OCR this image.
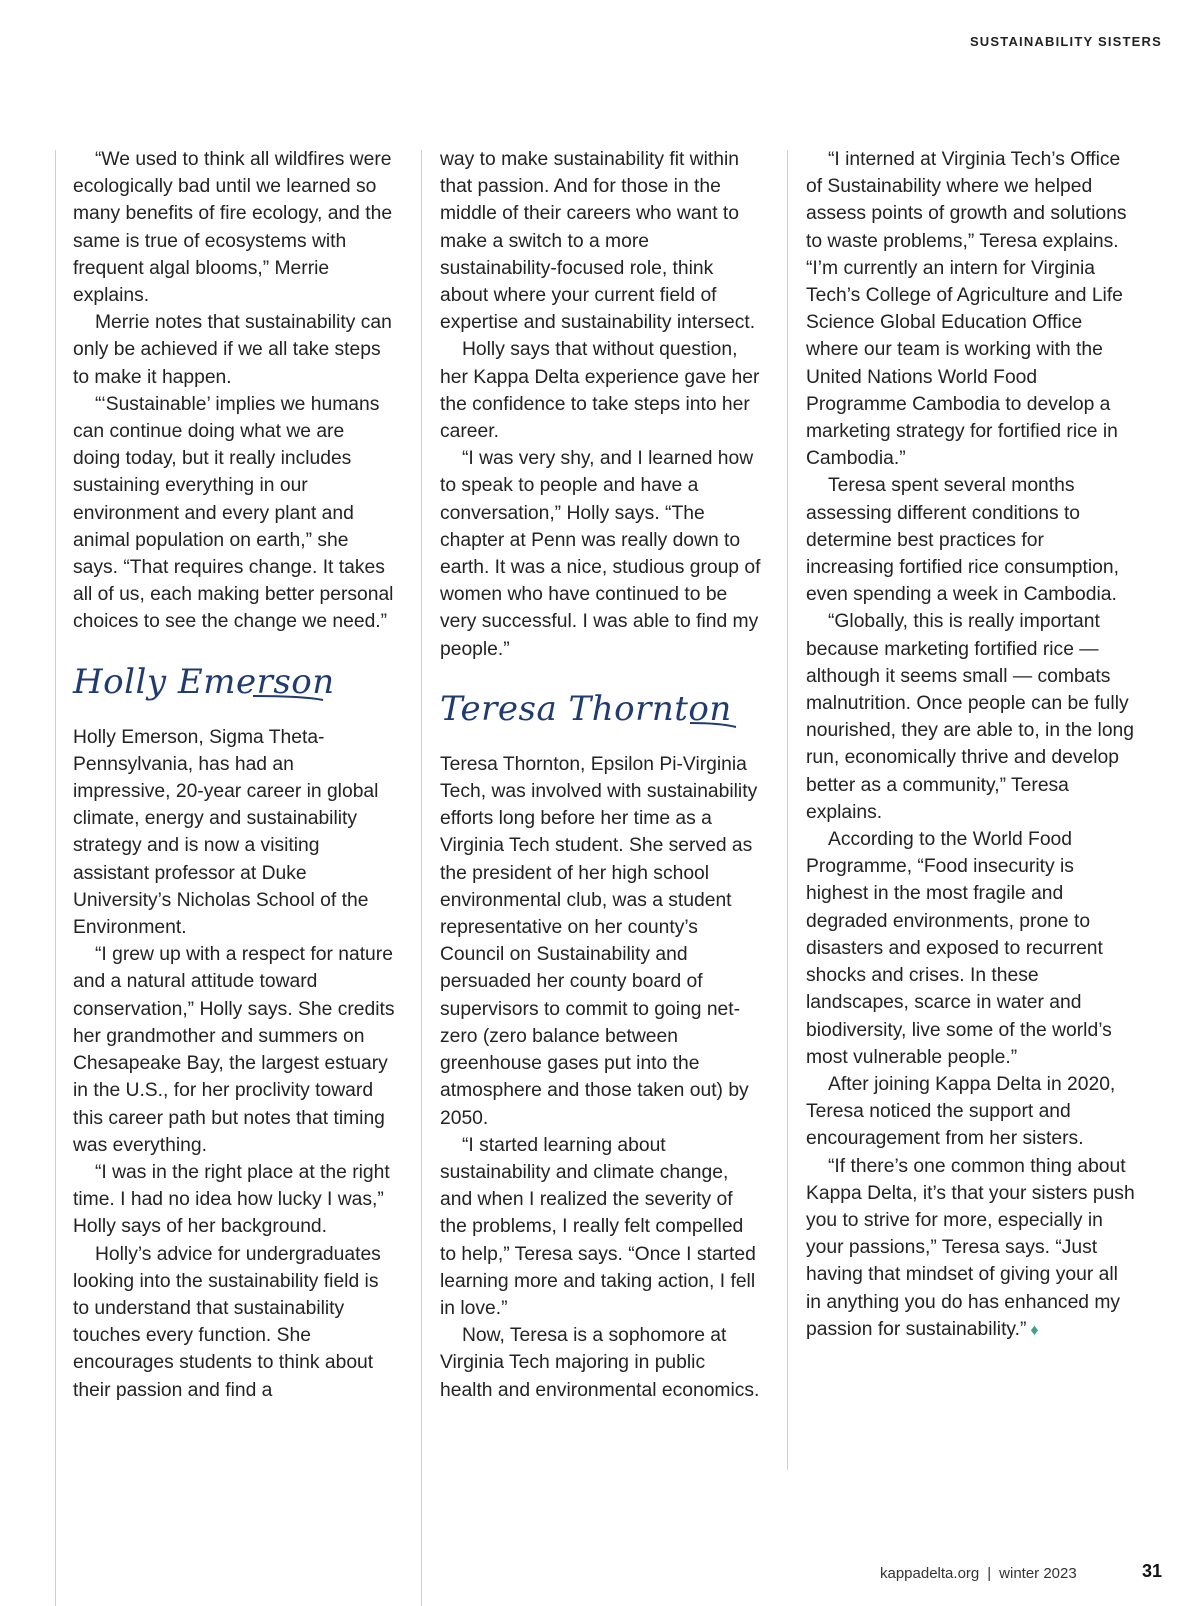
SUSTAINABILITY SISTERS

“We used to think all wildfires were ecologically bad until we learned so many benefits of fire ecology, and the same is true of ecosystems with frequent algal blooms,” Merrie explains.

Merrie notes that sustainability can only be achieved if we all take steps to make it happen.

“‘Sustainable’ implies we humans can continue doing what we are doing today, but it really includes sustaining everything in our environment and every plant and animal population on earth,” she says. “That requires change. It takes all of us, each making better personal choices to see the change we need.”

Holly Emerson

Holly Emerson, Sigma Theta-Pennsylvania, has had an impressive, 20-year career in global climate, energy and sustainability strategy and is now a visiting assistant professor at Duke University’s Nicholas School of the Environment.

“I grew up with a respect for nature and a natural attitude toward conservation,” Holly says. She credits her grandmother and summers on Chesapeake Bay, the largest estuary in the U.S., for her proclivity toward this career path but notes that timing was everything.

“I was in the right place at the right time. I had no idea how lucky I was,” Holly says of her background.

Holly’s advice for undergraduates looking into the sustainability field is to understand that sustainability touches every function. She encourages students to think about their passion and find a

way to make sustainability fit within that passion. And for those in the middle of their careers who want to make a switch to a more sustainability-focused role, think about where your current field of expertise and sustainability intersect.

Holly says that without question, her Kappa Delta experience gave her the confidence to take steps into her career.

“I was very shy, and I learned how to speak to people and have a conversation,” Holly says. “The chapter at Penn was really down to earth. It was a nice, studious group of women who have continued to be very successful. I was able to find my people.”

Teresa Thornton

Teresa Thornton, Epsilon Pi-Virginia Tech, was involved with sustainability efforts long before her time as a Virginia Tech student. She served as the president of her high school environmental club, was a student representative on her county’s Council on Sustainability and persuaded her county board of supervisors to commit to going net-zero (zero balance between greenhouse gases put into the atmosphere and those taken out) by 2050.

“I started learning about sustainability and climate change, and when I realized the severity of the problems, I really felt compelled to help,” Teresa says. “Once I started learning more and taking action, I fell in love.”

Now, Teresa is a sophomore at Virginia Tech majoring in public health and environmental economics.

“I interned at Virginia Tech’s Office of Sustainability where we helped assess points of growth and solutions to waste problems,” Teresa explains. “I’m currently an intern for Virginia Tech’s College of Agriculture and Life Science Global Education Office where our team is working with the United Nations World Food Programme Cambodia to develop a marketing strategy for fortified rice in Cambodia.”

Teresa spent several months assessing different conditions to determine best practices for increasing fortified rice consumption, even spending a week in Cambodia.

“Globally, this is really important because marketing fortified rice — although it seems small — combats malnutrition. Once people can be fully nourished, they are able to, in the long run, economically thrive and develop better as a community,” Teresa explains.

According to the World Food Programme, “Food insecurity is highest in the most fragile and degraded environments, prone to disasters and exposed to recurrent shocks and crises. In these landscapes, scarce in water and biodiversity, live some of the world’s most vulnerable people.”

After joining Kappa Delta in 2020, Teresa noticed the support and encouragement from her sisters.

“If there’s one common thing about Kappa Delta, it’s that your sisters push you to strive for more, especially in your passions,” Teresa says. “Just having that mindset of giving your all in anything you do has enhanced my passion for sustainability.” ♦

kappadelta.org | winter 2023	31
